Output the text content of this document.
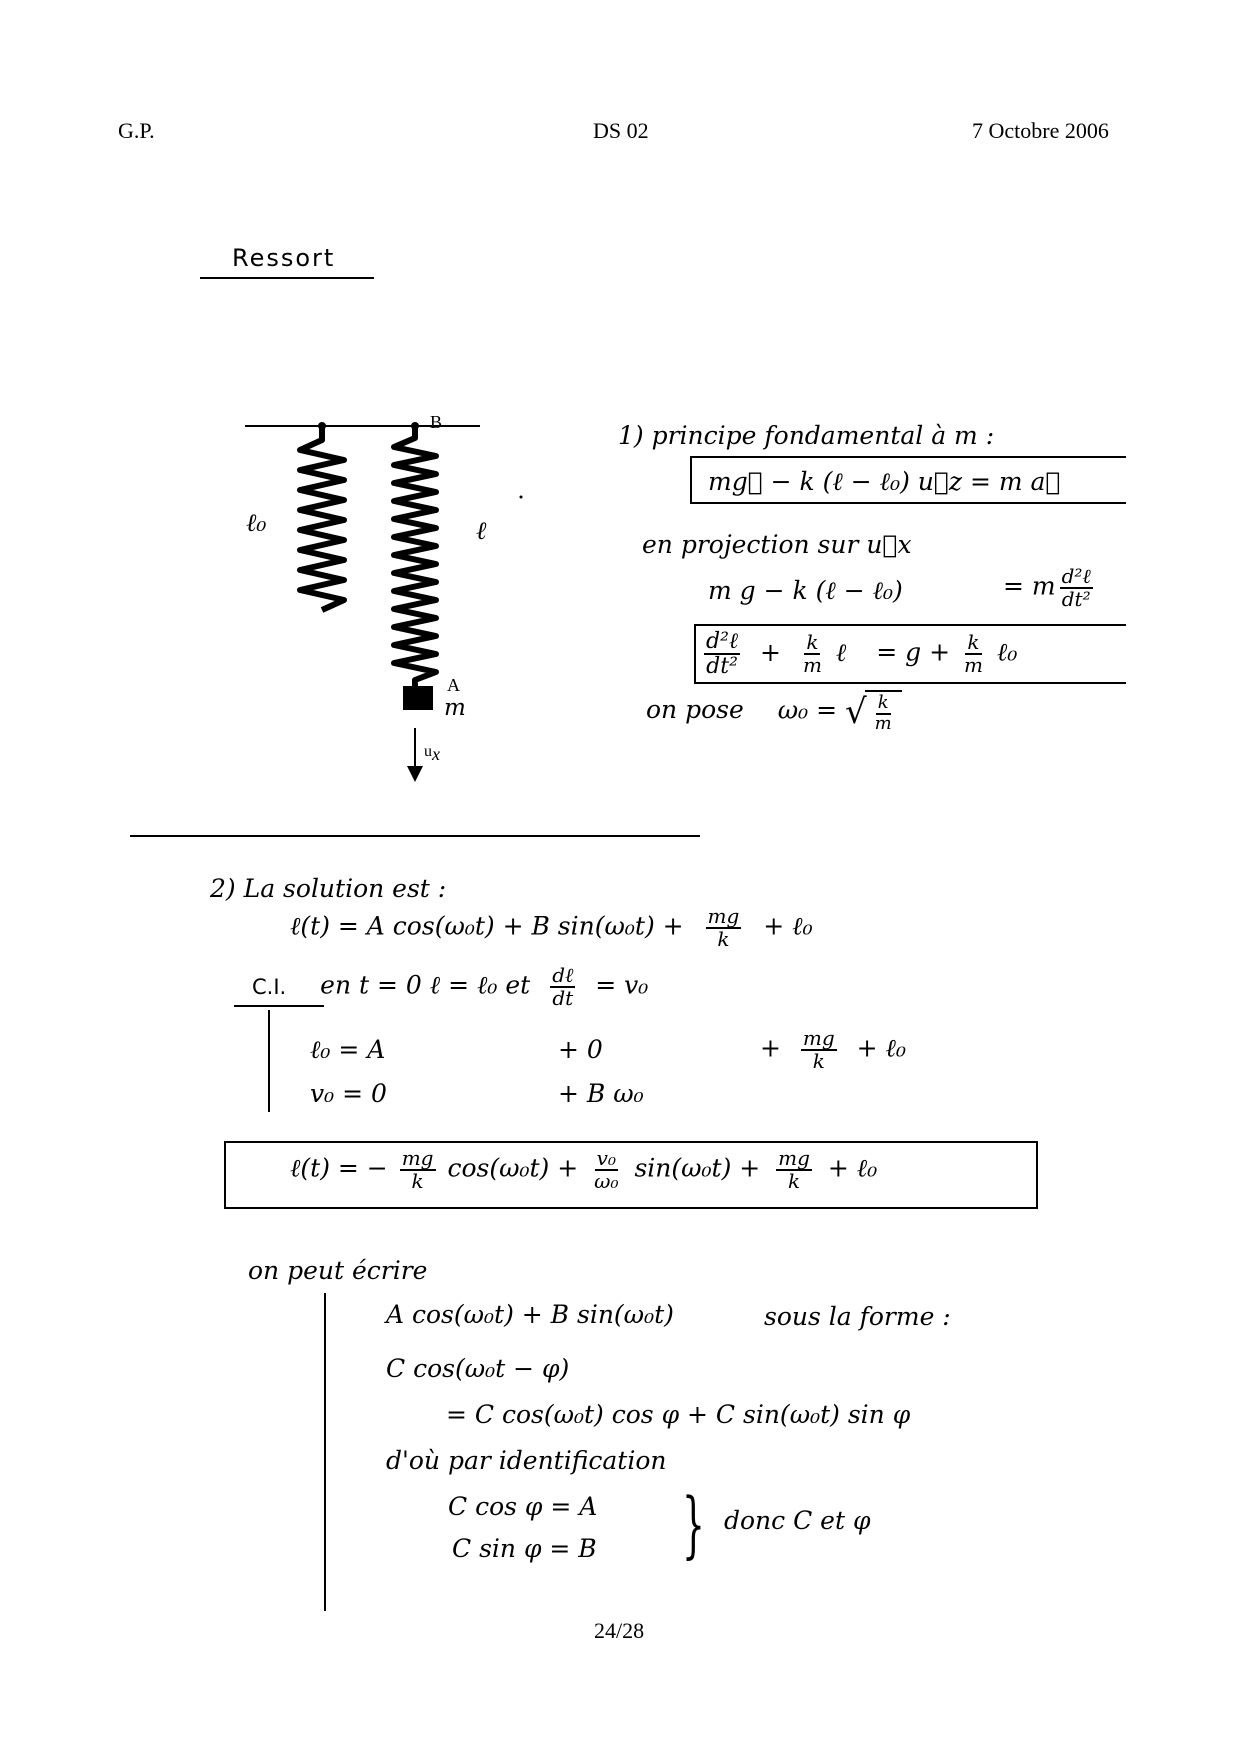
G.P.	DS 02	7 Octobre 2006
Ressort
B
ℓ₀	ℓ
A
m
$u_x$
1) principe fondamental à m :
mg⃗ − k (ℓ − ℓ₀) u⃗z = m a⃗
en projection sur u⃗x
m g − k (ℓ − ℓ₀)	= m $\frac{\text{d²ℓ}}{\text{dt²}}$
$\frac{\text{d²ℓ}}{\text{dt²}} + \frac{k}{m}$ ℓ = $g + \frac{k}{m}$ ℓ₀
on pose ω₀ = √ $\frac{k}{m}$
2) La solution est :
ℓ(t) = A cos(ω₀t) + B $\sin(\omega_0t) + \frac{mg}{k}$ + ℓ₀
C.I. en t = 0 ℓ = ℓ₀ et $\frac{\text{dℓ}}{dt} = v_0$
ℓ₀ = A	+ 0	+ $\frac{mg}{k}$ + ℓ₀
v₀ = 0	+ B ω₀
ℓ(t) = − $\frac{mg}{k} \cos(\omega_0t) + \frac{\text{v₀}}{\text{ω₀}} \sin(\omega_0t) + \frac{mg}{k}$ + ℓ₀
on peut écrire
A cos(ω₀t) + B sin(ω₀t)	sous la forme :
C cos(ω₀t − φ)
= C cos(ω₀t) cos φ + C sin(ω₀t) sin φ
d'où par identification
C cos φ = A
C sin φ = B } donc C et φ
24/28
